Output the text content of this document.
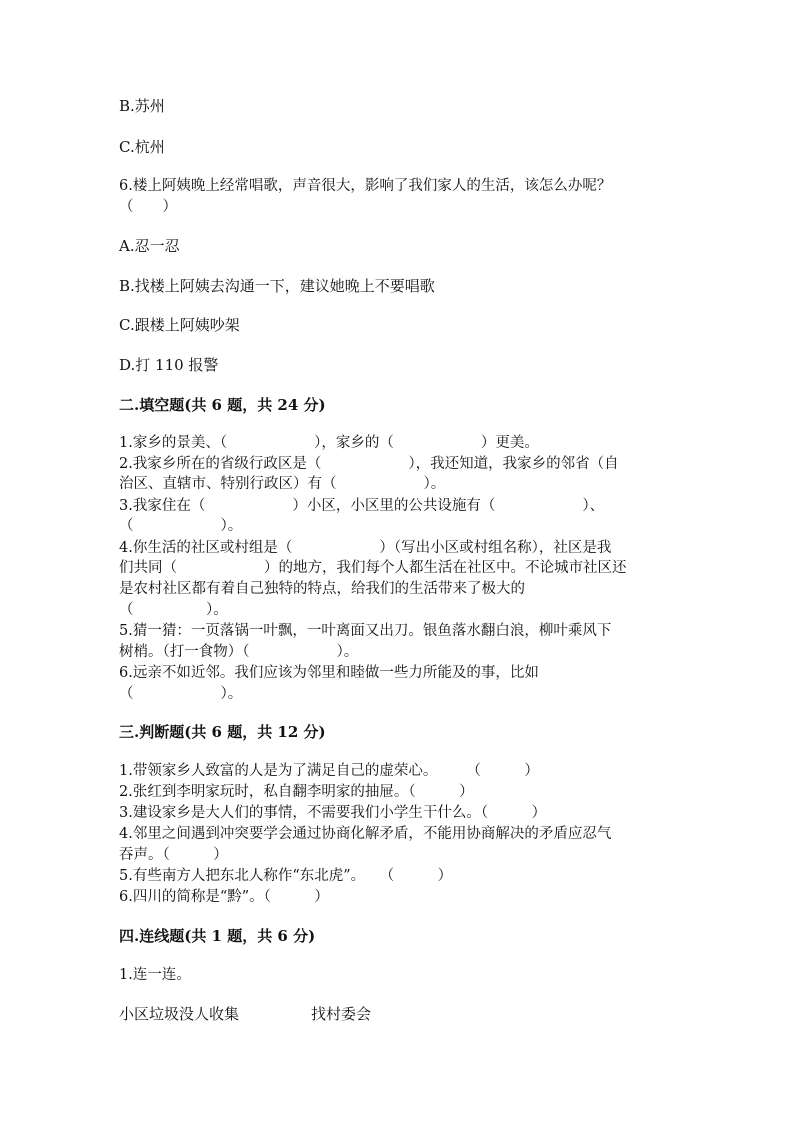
B.苏州
C.杭州
6.楼上阿姨晚上经常唱歌，声音很大，影响了我们家人的生活，该怎么办呢？
（　　）
A.忍一忍
B.找楼上阿姨去沟通一下，建议她晚上不要唱歌
C.跟楼上阿姨吵架
D.打 110 报警
二.填空题(共 6 题，共 24 分)
1.家乡的景美、（　　　　　　），家乡的（　　　　　　）更美。
2.我家乡所在的省级行政区是（　　　　　　），我还知道，我家乡的邻省（自
治区、直辖市、特别行政区）有（　　　　　　）。
3.我家住在（　　　　　　）小区，小区里的公共设施有（　　　　　　）、
（　　　　　　）。
4.你生活的社区或村组是（　　　　　　）（写出小区或村组名称），社区是我
们共同（　　　　　　）的地方，我们每个人都生活在社区中。不论城市社区还
是农村社区都有着自己独特的特点，给我们的生活带来了极大的
（　　　　　）。
5.猜一猜：一页落锅一叶飘，一叶离面又出刀。银鱼落水翻白浪，柳叶乘风下
树梢。（打一食物）（　　　　　　）。
6.远亲不如近邻。我们应该为邻里和睦做一些力所能及的事，比如
（　　　　　　）。
三.判断题(共 6 题，共 12 分)
1.带领家乡人致富的人是为了满足自己的虚荣心。　　　（　　　）
2.张红到李明家玩时，私自翻李明家的抽屉。（　　　）
3.建设家乡是大人们的事情，不需要我们小学生干什么。（　　　）
4.邻里之间遇到冲突要学会通过协商化解矛盾，不能用协商解决的矛盾应忍气
吞声。（　　　）
5.有些南方人把东北人称作“东北虎”。　　（　　　）
6.四川的简称是“黔”。（　　　）
四.连线题(共 1 题，共 6 分)
1.连一连。
小区垃圾没人收集	找村委会
